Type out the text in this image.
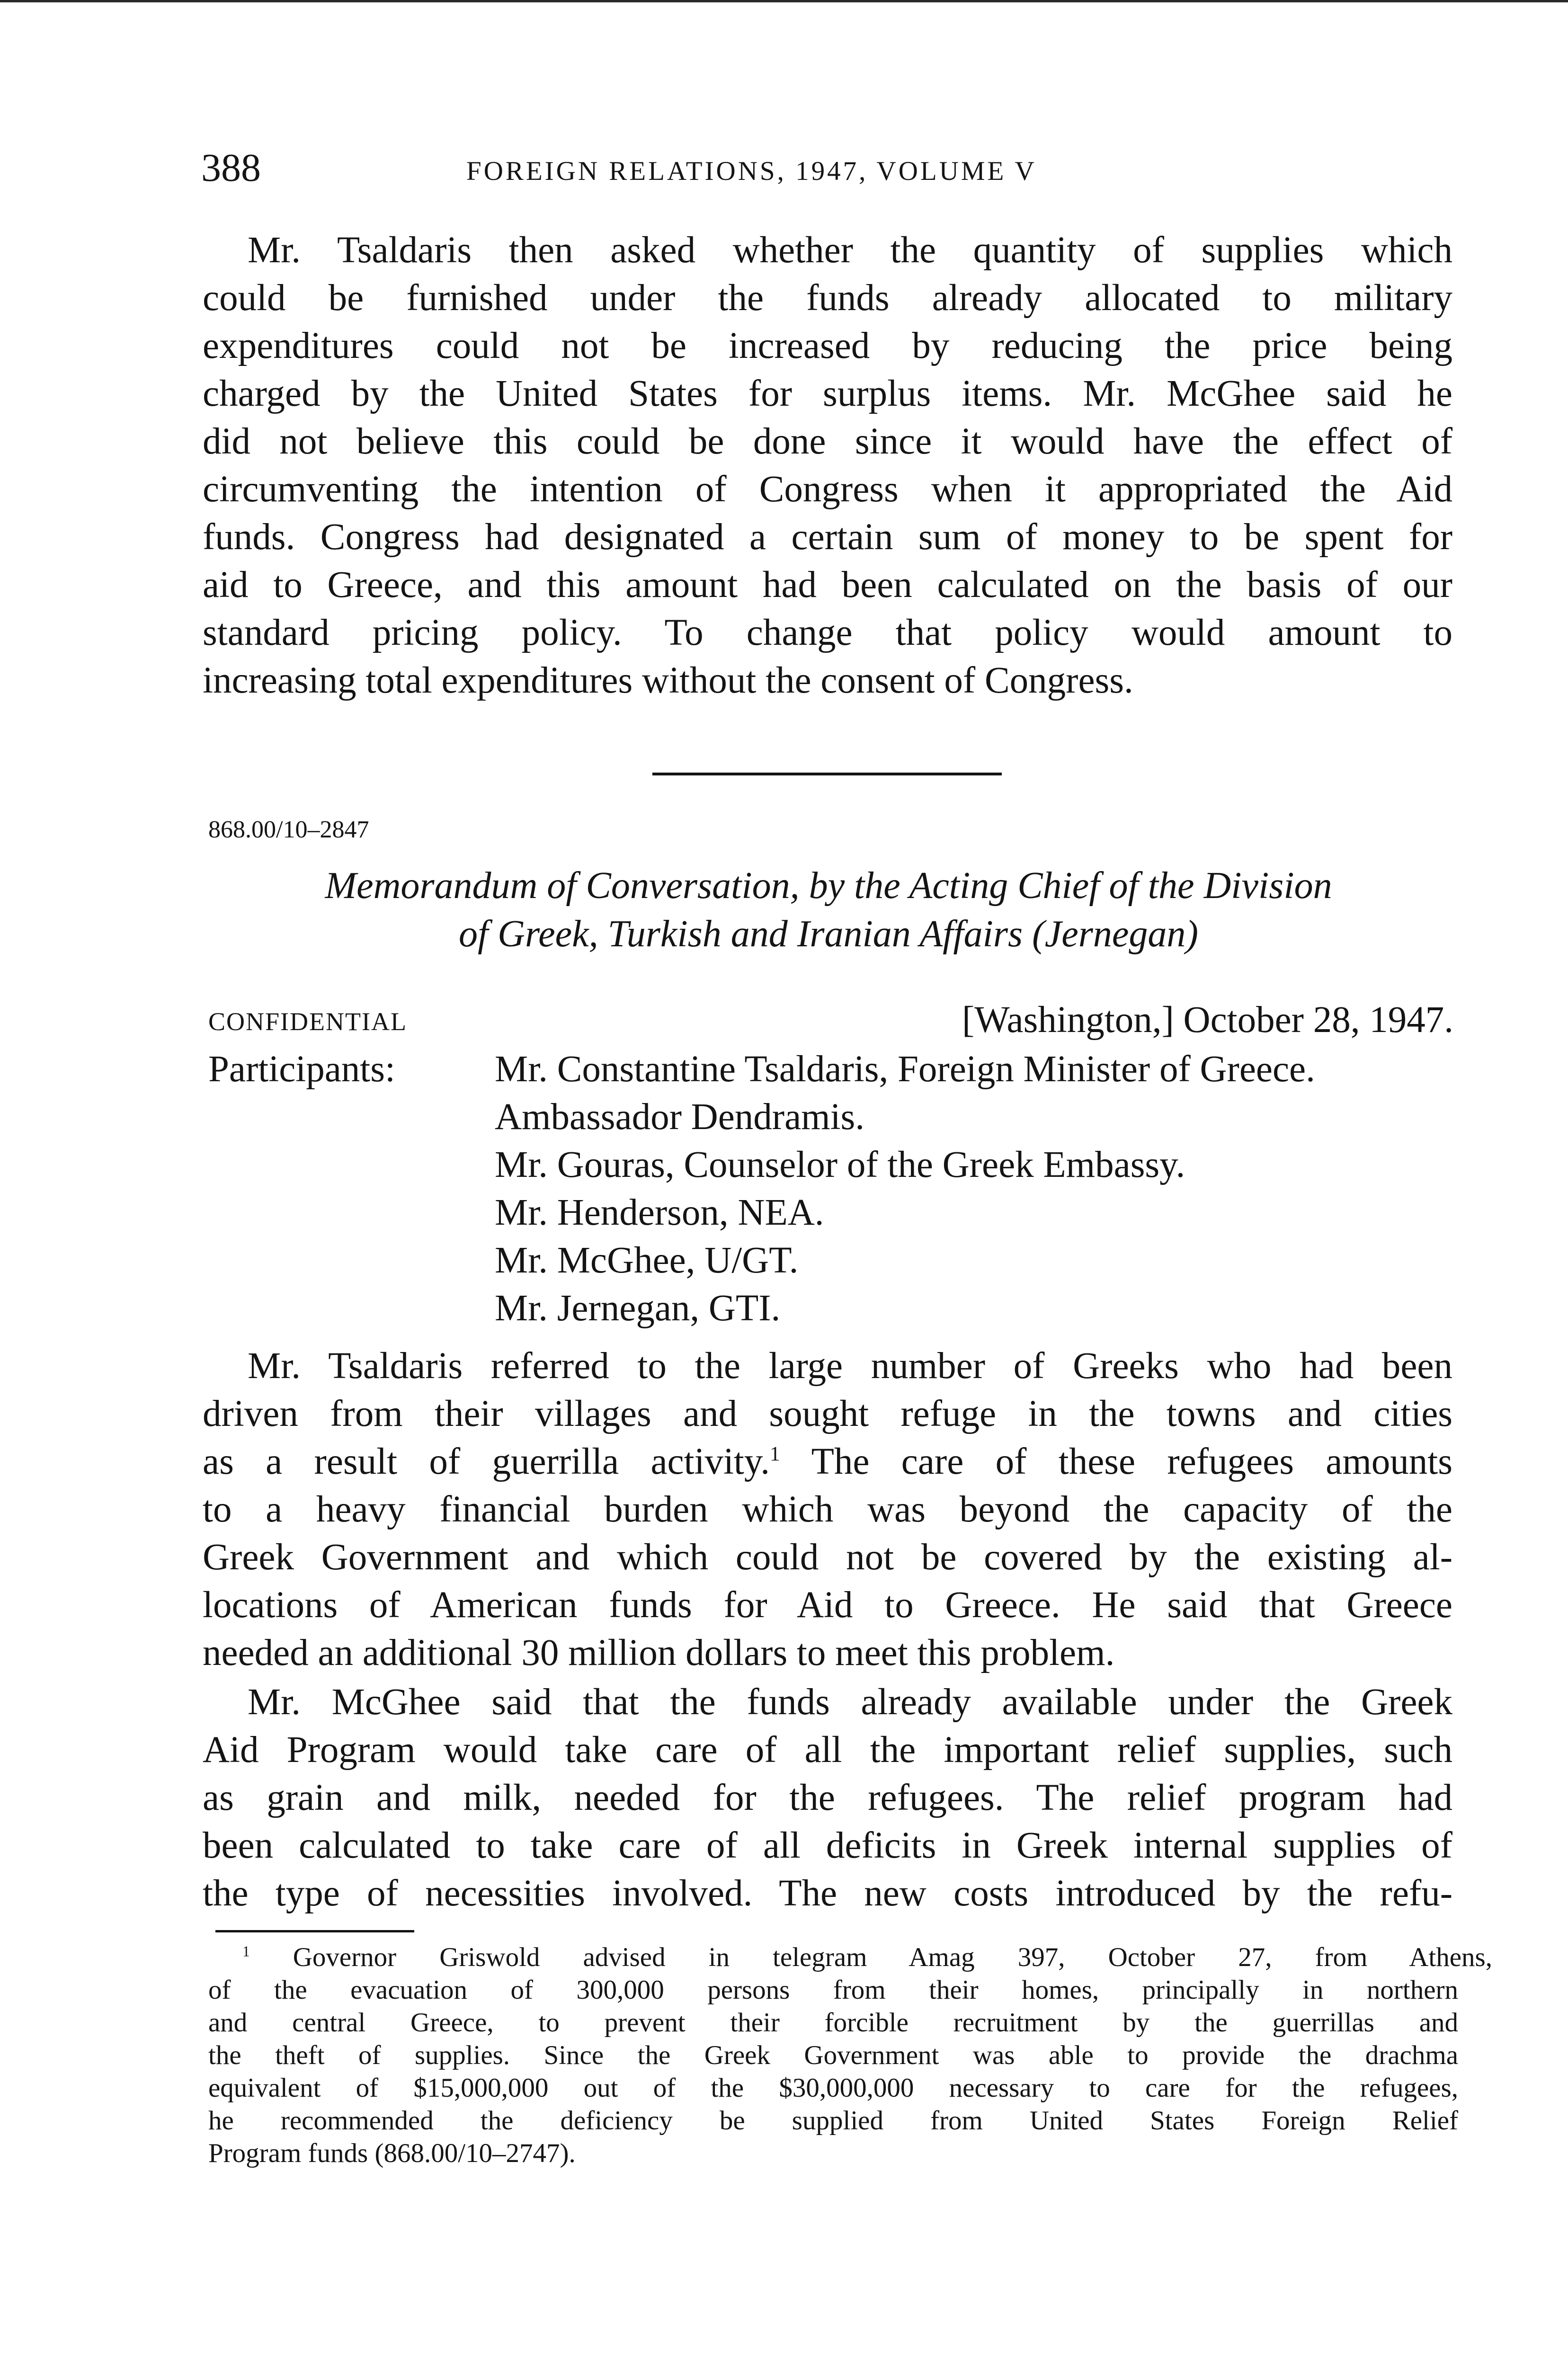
388	FOREIGN RELATIONS, 1947, VOLUME V

Mr. Tsaldaris then asked whether the quantity of supplies which
could be furnished under the funds already allocated to military
expenditures could not be increased by reducing the price being
charged by the United States for surplus items. Mr. McGhee said he
did not believe this could be done since it would have the effect of
circumventing the intention of Congress when it appropriated the Aid
funds. Congress had designated a certain sum of money to be spent for
aid to Greece, and this amount had been calculated on the basis of our
standard pricing policy. To change that policy would amount to
increasing total expenditures without the consent of Congress.

868.00/10–2847
Memorandum of Conversation, by the Acting Chief of the Division
of Greek, Turkish and Iranian Affairs (Jernegan)
CONFIDENTIAL	[Washington,] October 28, 1947.
Participants:	Mr. Constantine Tsaldaris, Foreign Minister of Greece.
Ambassador Dendramis.
Mr. Gouras, Counselor of the Greek Embassy.
Mr. Henderson, NEA.
Mr. McGhee, U/GT.
Mr. Jernegan, GTI.

Mr. Tsaldaris referred to the large number of Greeks who had been
driven from their villages and sought refuge in the towns and cities
as a result of guerrilla activity.$^1$ The care of these refugees amounts
to a heavy financial burden which was beyond the capacity of the
Greek Government and which could not be covered by the existing al-
locations of American funds for Aid to Greece. He said that Greece
needed an additional 30 million dollars to meet this problem.

Mr. McGhee said that the funds already available under the Greek
Aid Program would take care of all the important relief supplies, such
as grain and milk, needed for the refugees. The relief program had
been calculated to take care of all deficits in Greek internal supplies of
the type of necessities involved. The new costs introduced by the refu-

$^1$ Governor Griswold advised in telegram Amag 397, October 27, from Athens,
of the evacuation of 300,000 persons from their homes, principally in northern
and central Greece, to prevent their forcible recruitment by the guerrillas and
the theft of supplies. Since the Greek Government was able to provide the drachma
equivalent of $15,000,000 out of the $30,000,000 necessary to care for the refugees,
he recommended the deficiency be supplied from United States Foreign Relief
Program funds (868.00/10–2747).
